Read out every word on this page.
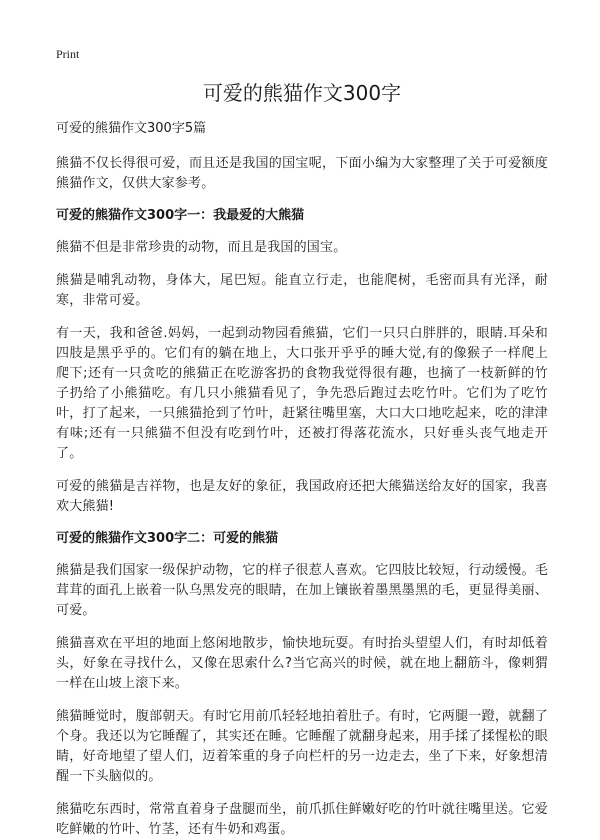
Print
可爱的熊猫作文300字

可爱的熊猫作文300字5篇

熊猫不仅长得很可爱，而且还是我国的国宝呢，下面小编为大家整理了关于可爱额度熊猫作文，仅供大家参考。

可爱的熊猫作文300字一：我最爱的大熊猫

熊猫不但是非常珍贵的动物，而且是我国的国宝。

熊猫是哺乳动物，身体大，尾巴短。能直立行走，也能爬树，毛密而具有光泽，耐寒，非常可爱。

有一天，我和爸爸.妈妈，一起到动物园看熊猫，它们一只只白胖胖的，眼睛.耳朵和四肢是黑乎乎的。它们有的躺在地上，大口张开乎乎的睡大觉,有的像猴子一样爬上爬下;还有一只贪吃的熊猫正在吃游客扔的食物我觉得很有趣，也摘了一枝新鲜的竹子扔给了小熊猫吃。有几只小熊猫看见了，争先恐后跑过去吃竹叶。它们为了吃竹叶，打了起来，一只熊猫抢到了竹叶，赶紧往嘴里塞，大口大口地吃起来，吃的津津有味;还有一只熊猫不但没有吃到竹叶，还被打得落花流水，只好垂头丧气地走开了。

可爱的熊猫是吉祥物，也是友好的象征，我国政府还把大熊猫送给友好的国家，我喜欢大熊猫!

可爱的熊猫作文300字二：可爱的熊猫

熊猫是我们国家一级保护动物，它的样子很惹人喜欢。它四肢比较短，行动缓慢。毛茸茸的面孔上嵌着一队乌黑发亮的眼睛，在加上镶嵌着墨黑墨黑的毛，更显得美丽、可爱。

熊猫喜欢在平坦的地面上悠闲地散步，愉快地玩耍。有时抬头望望人们，有时却低着头，好象在寻找什么，又像在思索什么?当它高兴的时候，就在地上翻筋斗，像刺猬一样在山坡上滚下来。

熊猫睡觉时，腹部朝天。有时它用前爪轻轻地拍着肚子。有时，它两腿一蹬，就翻了个身。我还以为它睡醒了，其实还在睡。它睡醒了就翻身起来，用手揉了揉惺松的眼睛，好奇地望了望人们，迈着笨重的身子向栏杆的另一边走去，坐了下来，好象想清醒一下头脑似的。

熊猫吃东西时，常常直着身子盘腿而坐，前爪抓住鲜嫩好吃的竹叶就往嘴里送。它爱吃鲜嫩的竹叶、竹茎，还有牛奶和鸡蛋。
